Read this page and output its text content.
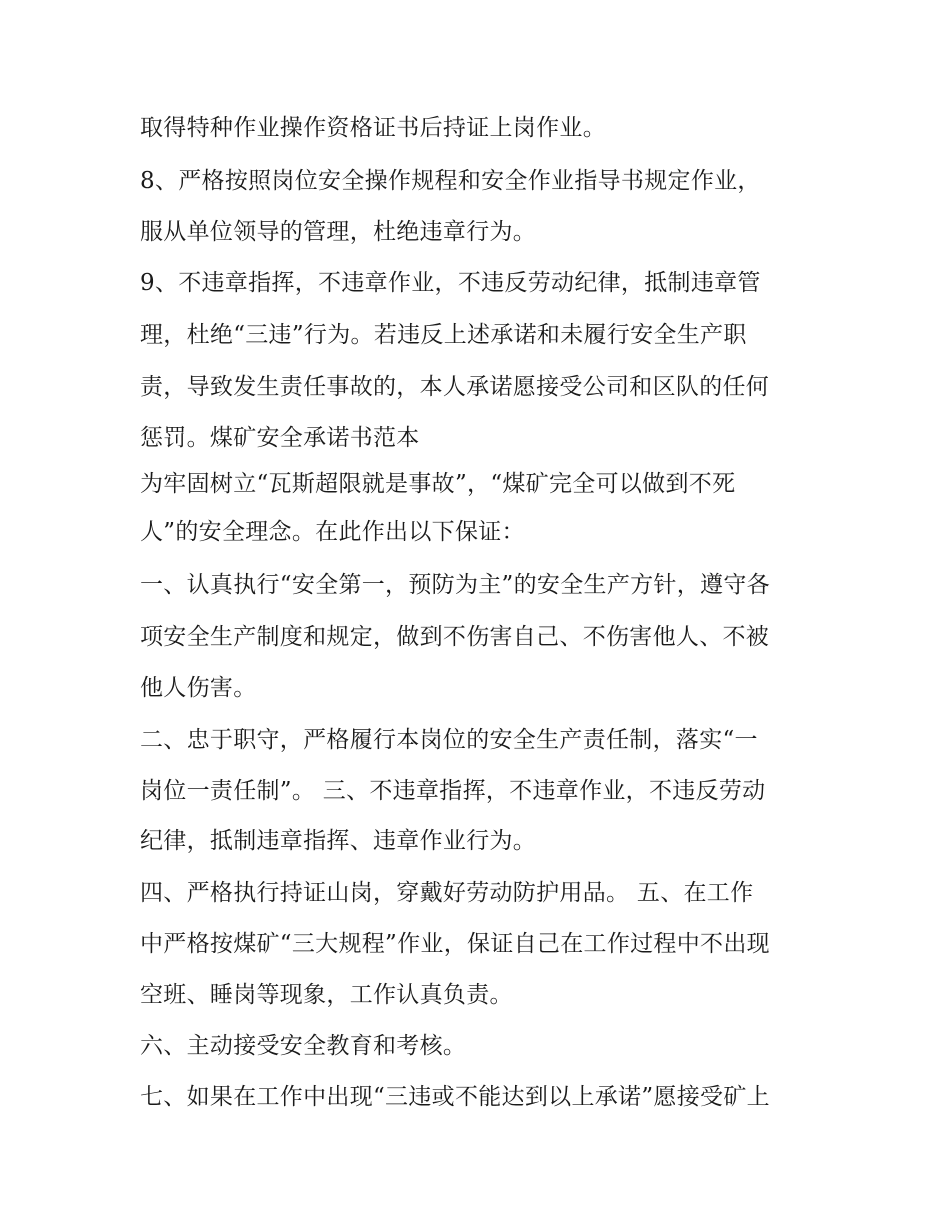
取得特种作业操作资格证书后持证上岗作业。
8、严格按照岗位安全操作规程和安全作业指导书规定作业，
服从单位领导的管理，杜绝违章行为。
9、不违章指挥，不违章作业，不违反劳动纪律，抵制违章管
理，杜绝“三违”行为。若违反上述承诺和未履行安全生产职
责，导致发生责任事故的，本人承诺愿接受公司和区队的任何
惩罚。煤矿安全承诺书范本
为牢固树立“瓦斯超限就是事故”，“煤矿完全可以做到不死
人”的安全理念。在此作出以下保证：
一、认真执行“安全第一，预防为主”的安全生产方针，遵守各
项安全生产制度和规定，做到不伤害自己、不伤害他人、不被
他人伤害。
二、忠于职守，严格履行本岗位的安全生产责任制，落实“一
岗位一责任制”。 三、不违章指挥，不违章作业，不违反劳动
纪律，抵制违章指挥、违章作业行为。
四、严格执行持证山岗，穿戴好劳动防护用品。 五、在工作
中严格按煤矿“三大规程”作业，保证自己在工作过程中不出现
空班、睡岗等现象，工作认真负责。
六、主动接受安全教育和考核。
七、如果在工作中出现“三违或不能达到以上承诺”愿接受矿上
